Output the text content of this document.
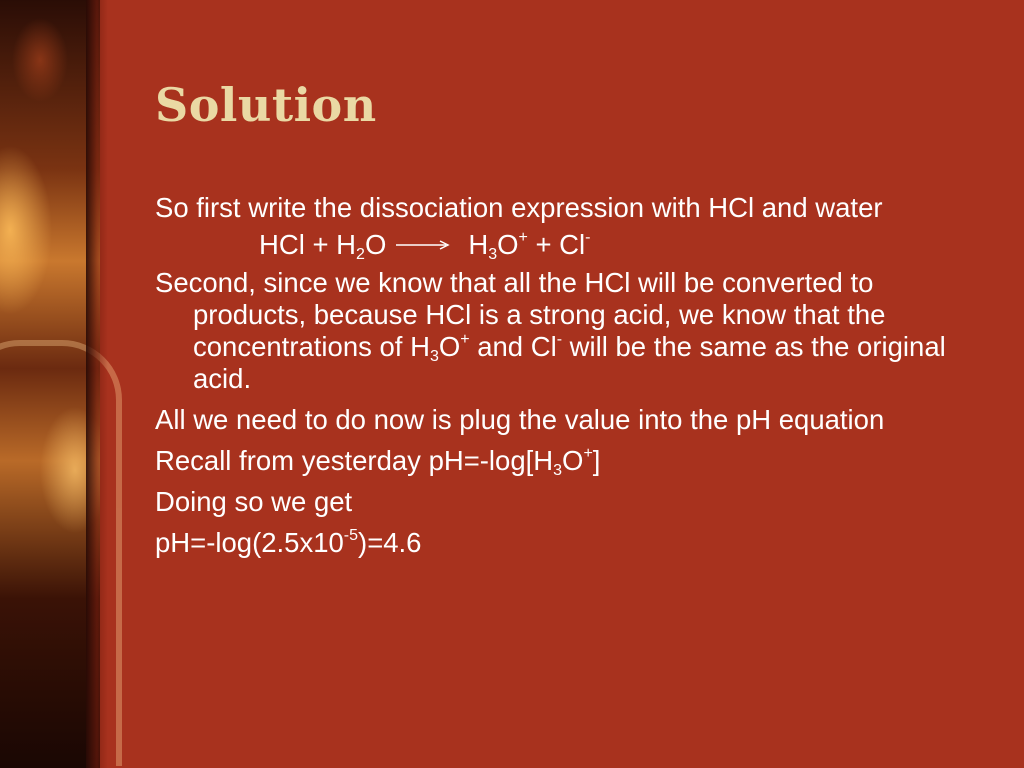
Solution

So first write the dissociation expression with HCl and water

HCl + $H_2O \to H_3O^+ + Cl^-$

Second, since we know that all the HCl will be converted to products, because HCl is a strong acid, we know that the concentrations of $H_3O^+$ and Cl- will be the same as the original acid.

All we need to do now is plug the value into the pH equation

Recall from yesterday $pH=-\log[H_3O^+]$

Doing so we get

$pH=-\log(2.5x10^{-5})=4.6$
